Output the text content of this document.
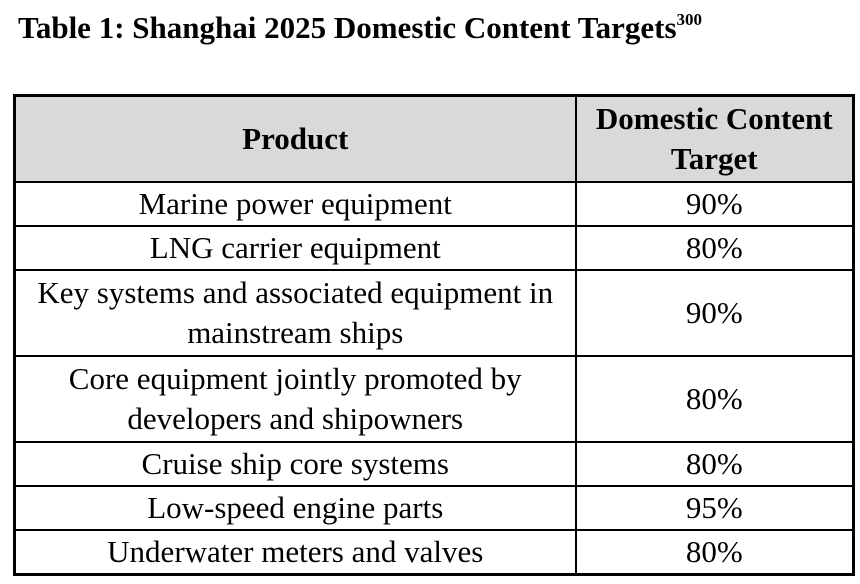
Table 1: Shanghai 2025 Domestic Content Targets$^{300}$
Product	Domestic Content Target
Marine power equipment	90%
LNG carrier equipment	80%
Key systems and associated equipment in mainstream ships	90%
Core equipment jointly promoted by developers and shipowners	80%
Cruise ship core systems	80%
Low-speed engine parts	95%
Underwater meters and valves	80%
